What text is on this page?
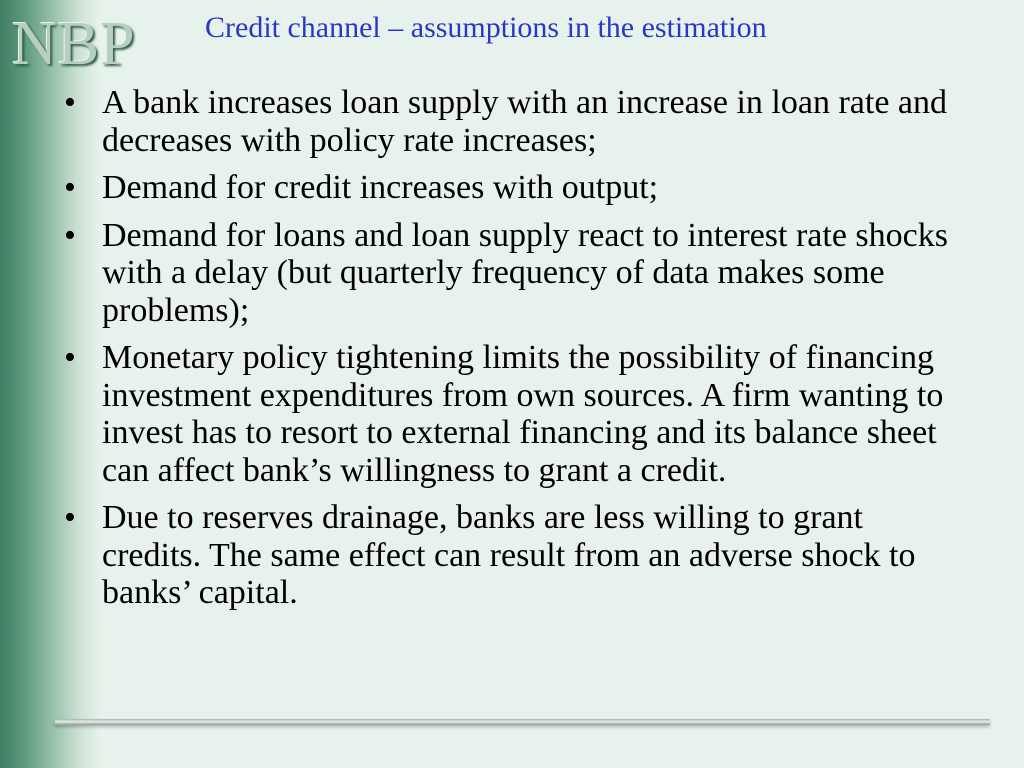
NBP Credit channel – assumptions in the estimation
• A bank increases loan supply with an increase in loan rate and decreases with policy rate increases;
• Demand for credit increases with output;
• Demand for loans and loan supply react to interest rate shocks with a delay (but quarterly frequency of data makes some problems);
• Monetary policy tightening limits the possibility of financing investment expenditures from own sources. A firm wanting to invest has to resort to external financing and its balance sheet can affect bank’s willingness to grant a credit.
• Due to reserves drainage, banks are less willing to grant credits. The same effect can result from an adverse shock to banks’ capital.
